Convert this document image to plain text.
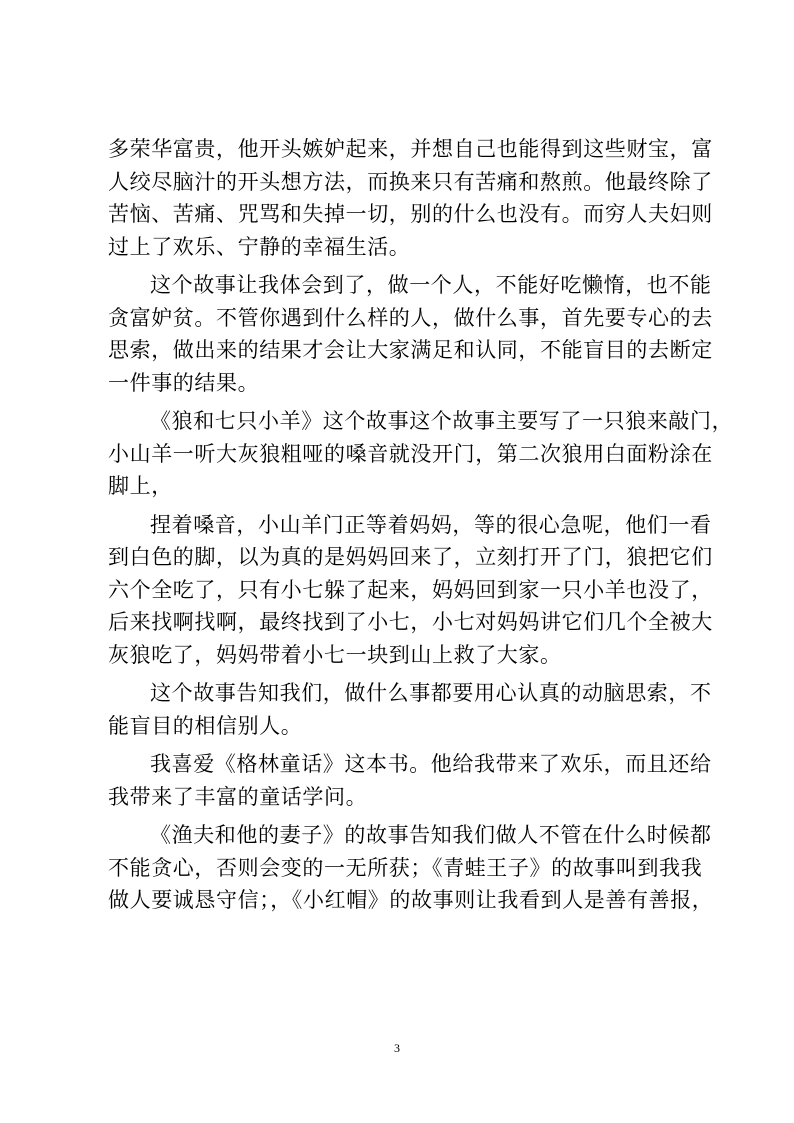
多荣华富贵，他开头嫉妒起来，并想自己也能得到这些财宝，富
人绞尽脑汁的开头想方法，而换来只有苦痛和熬煎。他最终除了
苦恼、苦痛、咒骂和失掉一切，别的什么也没有。而穷人夫妇则
过上了欢乐、宁静的幸福生活。

这个故事让我体会到了，做一个人，不能好吃懒惰，也不能
贪富妒贫。不管你遇到什么样的人，做什么事，首先要专心的去
思索，做出来的结果才会让大家满足和认同，不能盲目的去断定
一件事的结果。

《狼和七只小羊》这个故事这个故事主要写了一只狼来敲门，
小山羊一听大灰狼粗哑的嗓音就没开门，第二次狼用白面粉涂在
脚上，

捏着嗓音，小山羊门正等着妈妈，等的很心急呢，他们一看
到白色的脚，以为真的是妈妈回来了，立刻打开了门，狼把它们
六个全吃了，只有小七躲了起来，妈妈回到家一只小羊也没了，
后来找啊找啊，最终找到了小七，小七对妈妈讲它们几个全被大
灰狼吃了，妈妈带着小七一块到山上救了大家。

这个故事告知我们，做什么事都要用心认真的动脑思索，不
能盲目的相信别人。

我喜爱《格林童话》这本书。他给我带来了欢乐，而且还给
我带来了丰富的童话学问。

《渔夫和他的妻子》的故事告知我们做人不管在什么时候都
不能贪心，否则会变的一无所获；《青蛙王子》的故事叫到我我
做人要诚恳守信；，《小红帽》的故事则让我看到人是善有善报，

3
